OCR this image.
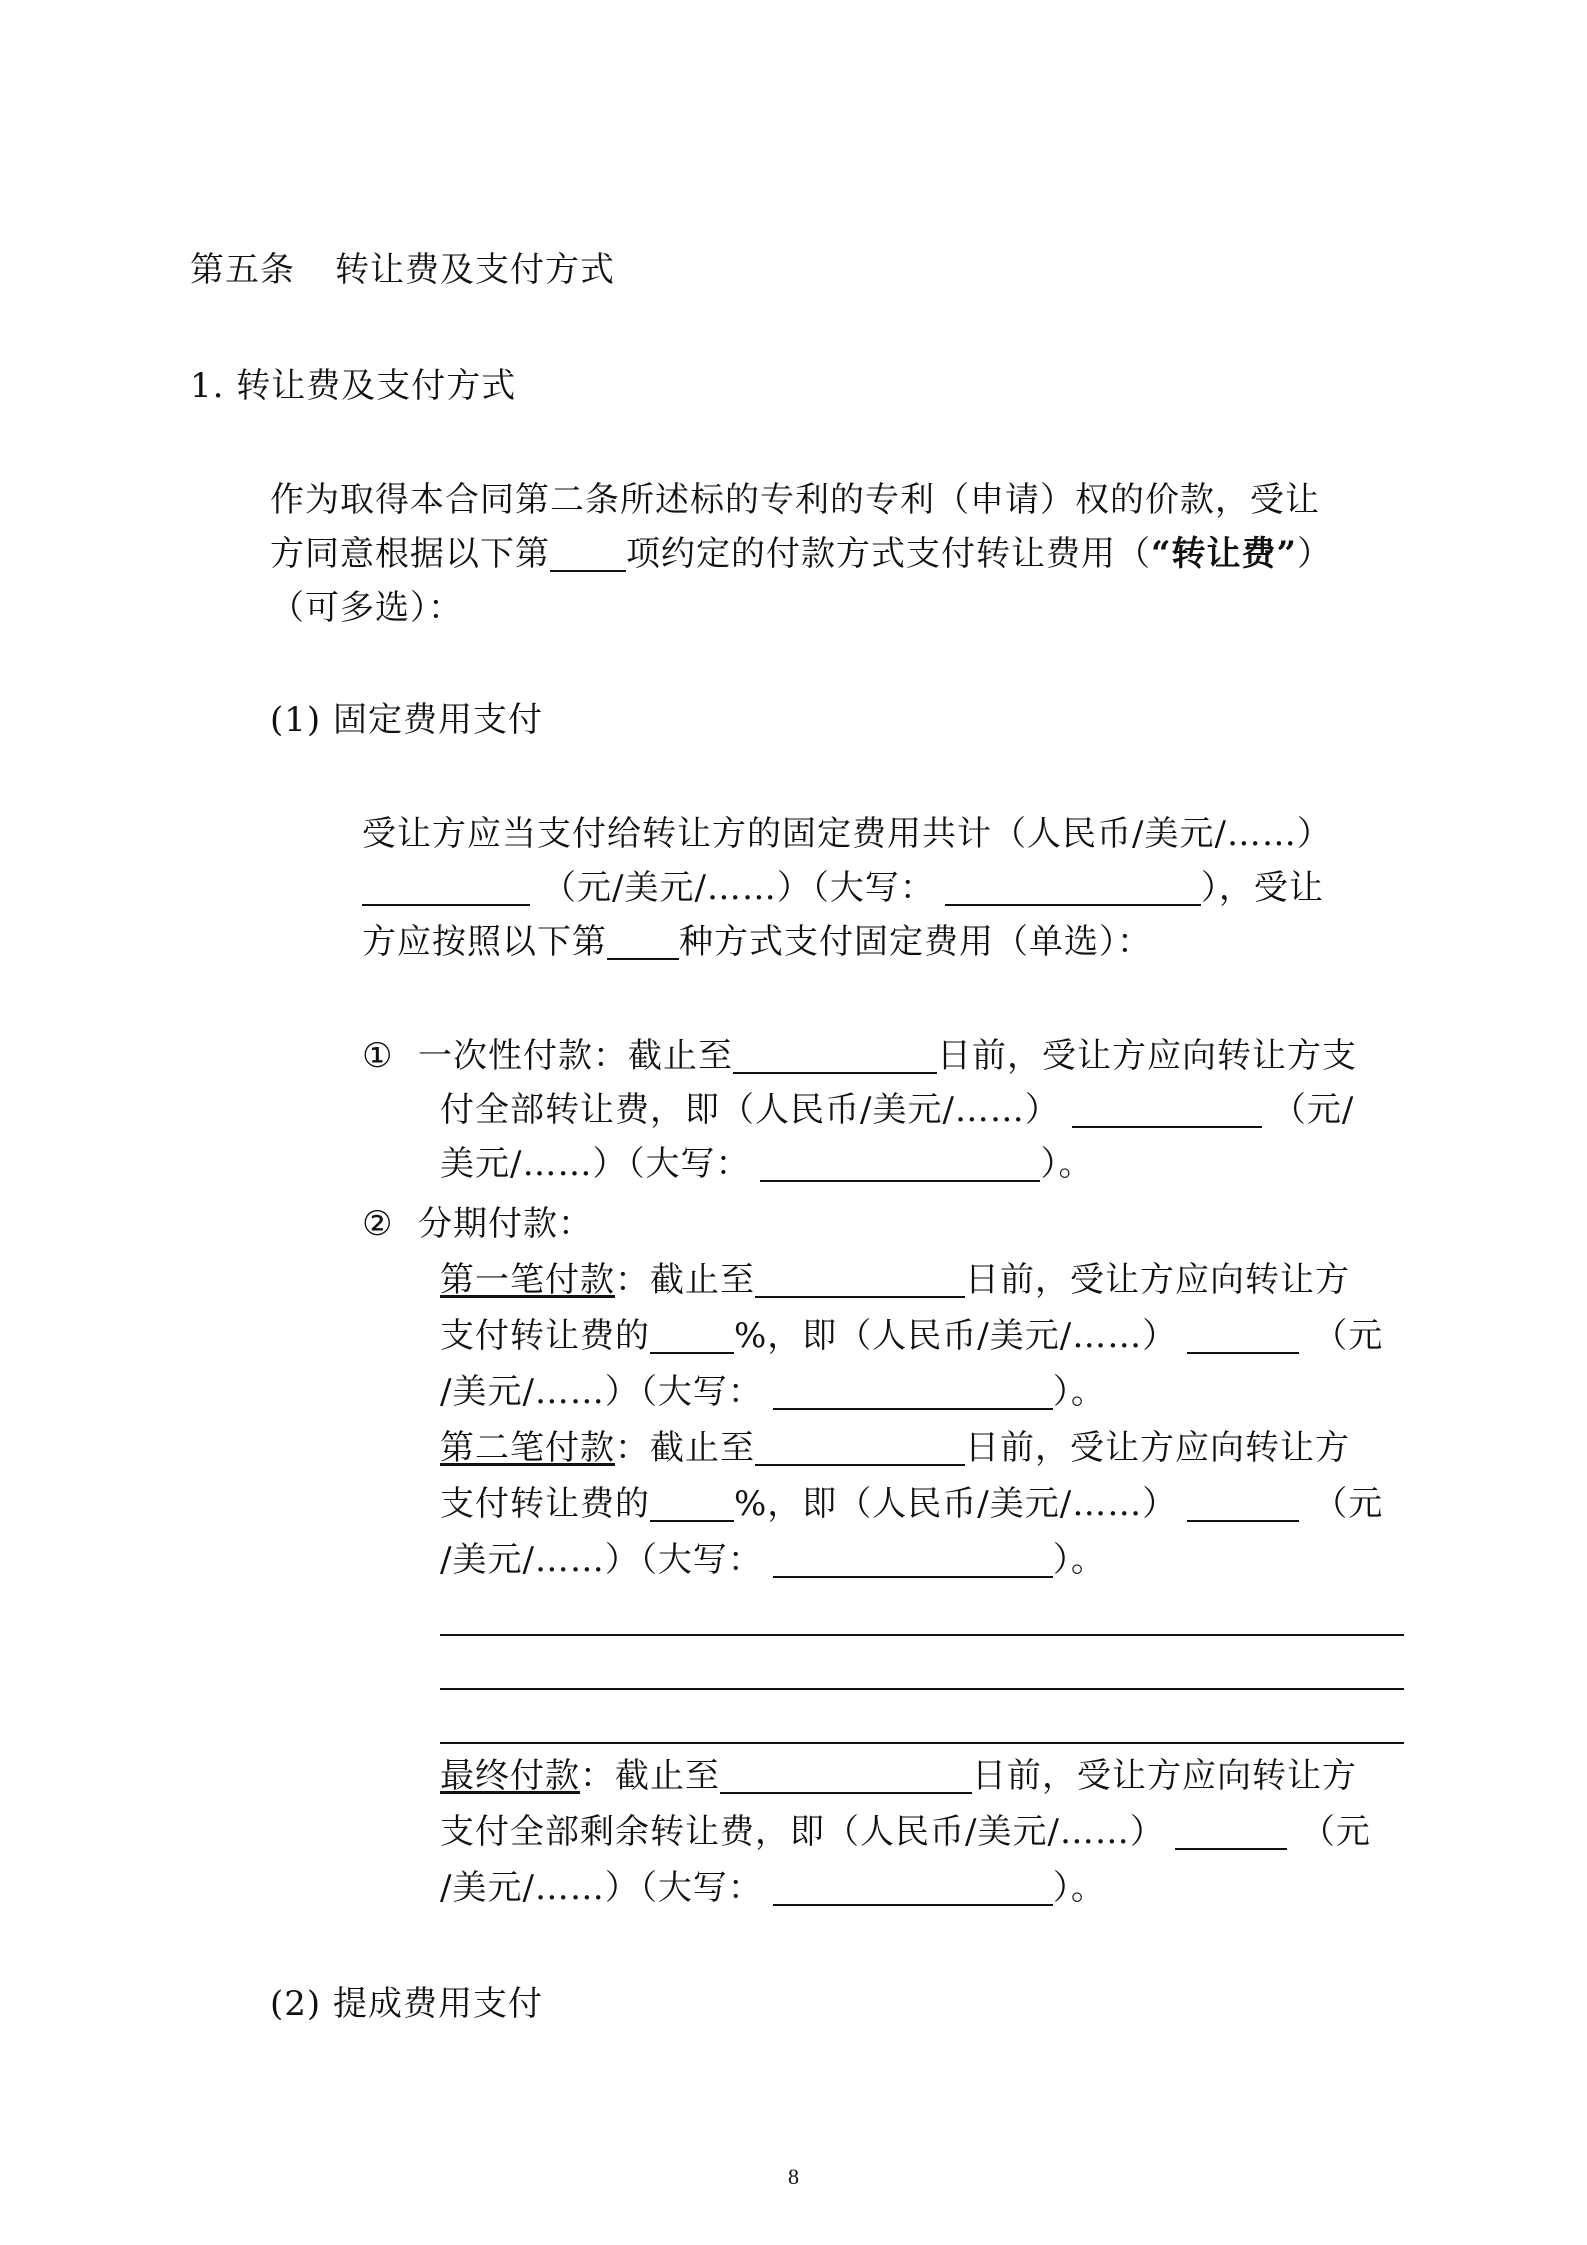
第五条 转让费及支付方式
1. 转让费及支付方式
作为取得本合同第二条所述标的专利的专利（申请）权的价款，受让
方同意根据以下第 项约定的付款方式支付转让费用（“转让费”）
（可多选）：
(1) 固定费用支付
受让方应当支付给转让方的固定费用共计（人民币/美元/……）
（元/美元/……）（大写：	），受让
方应按照以下第 种方式支付固定费用（单选）：
① 一次性付款：截止至	日前，受让方应向转让方支
付全部转让费，即（人民币/美元/……）	（元/
美元/……）（大写：	）。
② 分期付款：
第一笔付款：截止至	日前，受让方应向转让方
支付转让费的 %，即（人民币/美元/……）	（元
/美元/……）（大写：	）。
第二笔付款：截止至	日前，受让方应向转让方
支付转让费的 %，即（人民币/美元/……）	（元
/美元/……）（大写：	）。
最终付款：截止至	日前，受让方应向转让方
支付全部剩余转让费，即（人民币/美元/……）	（元
/美元/……）（大写：	）。
(2) 提成费用支付
8
